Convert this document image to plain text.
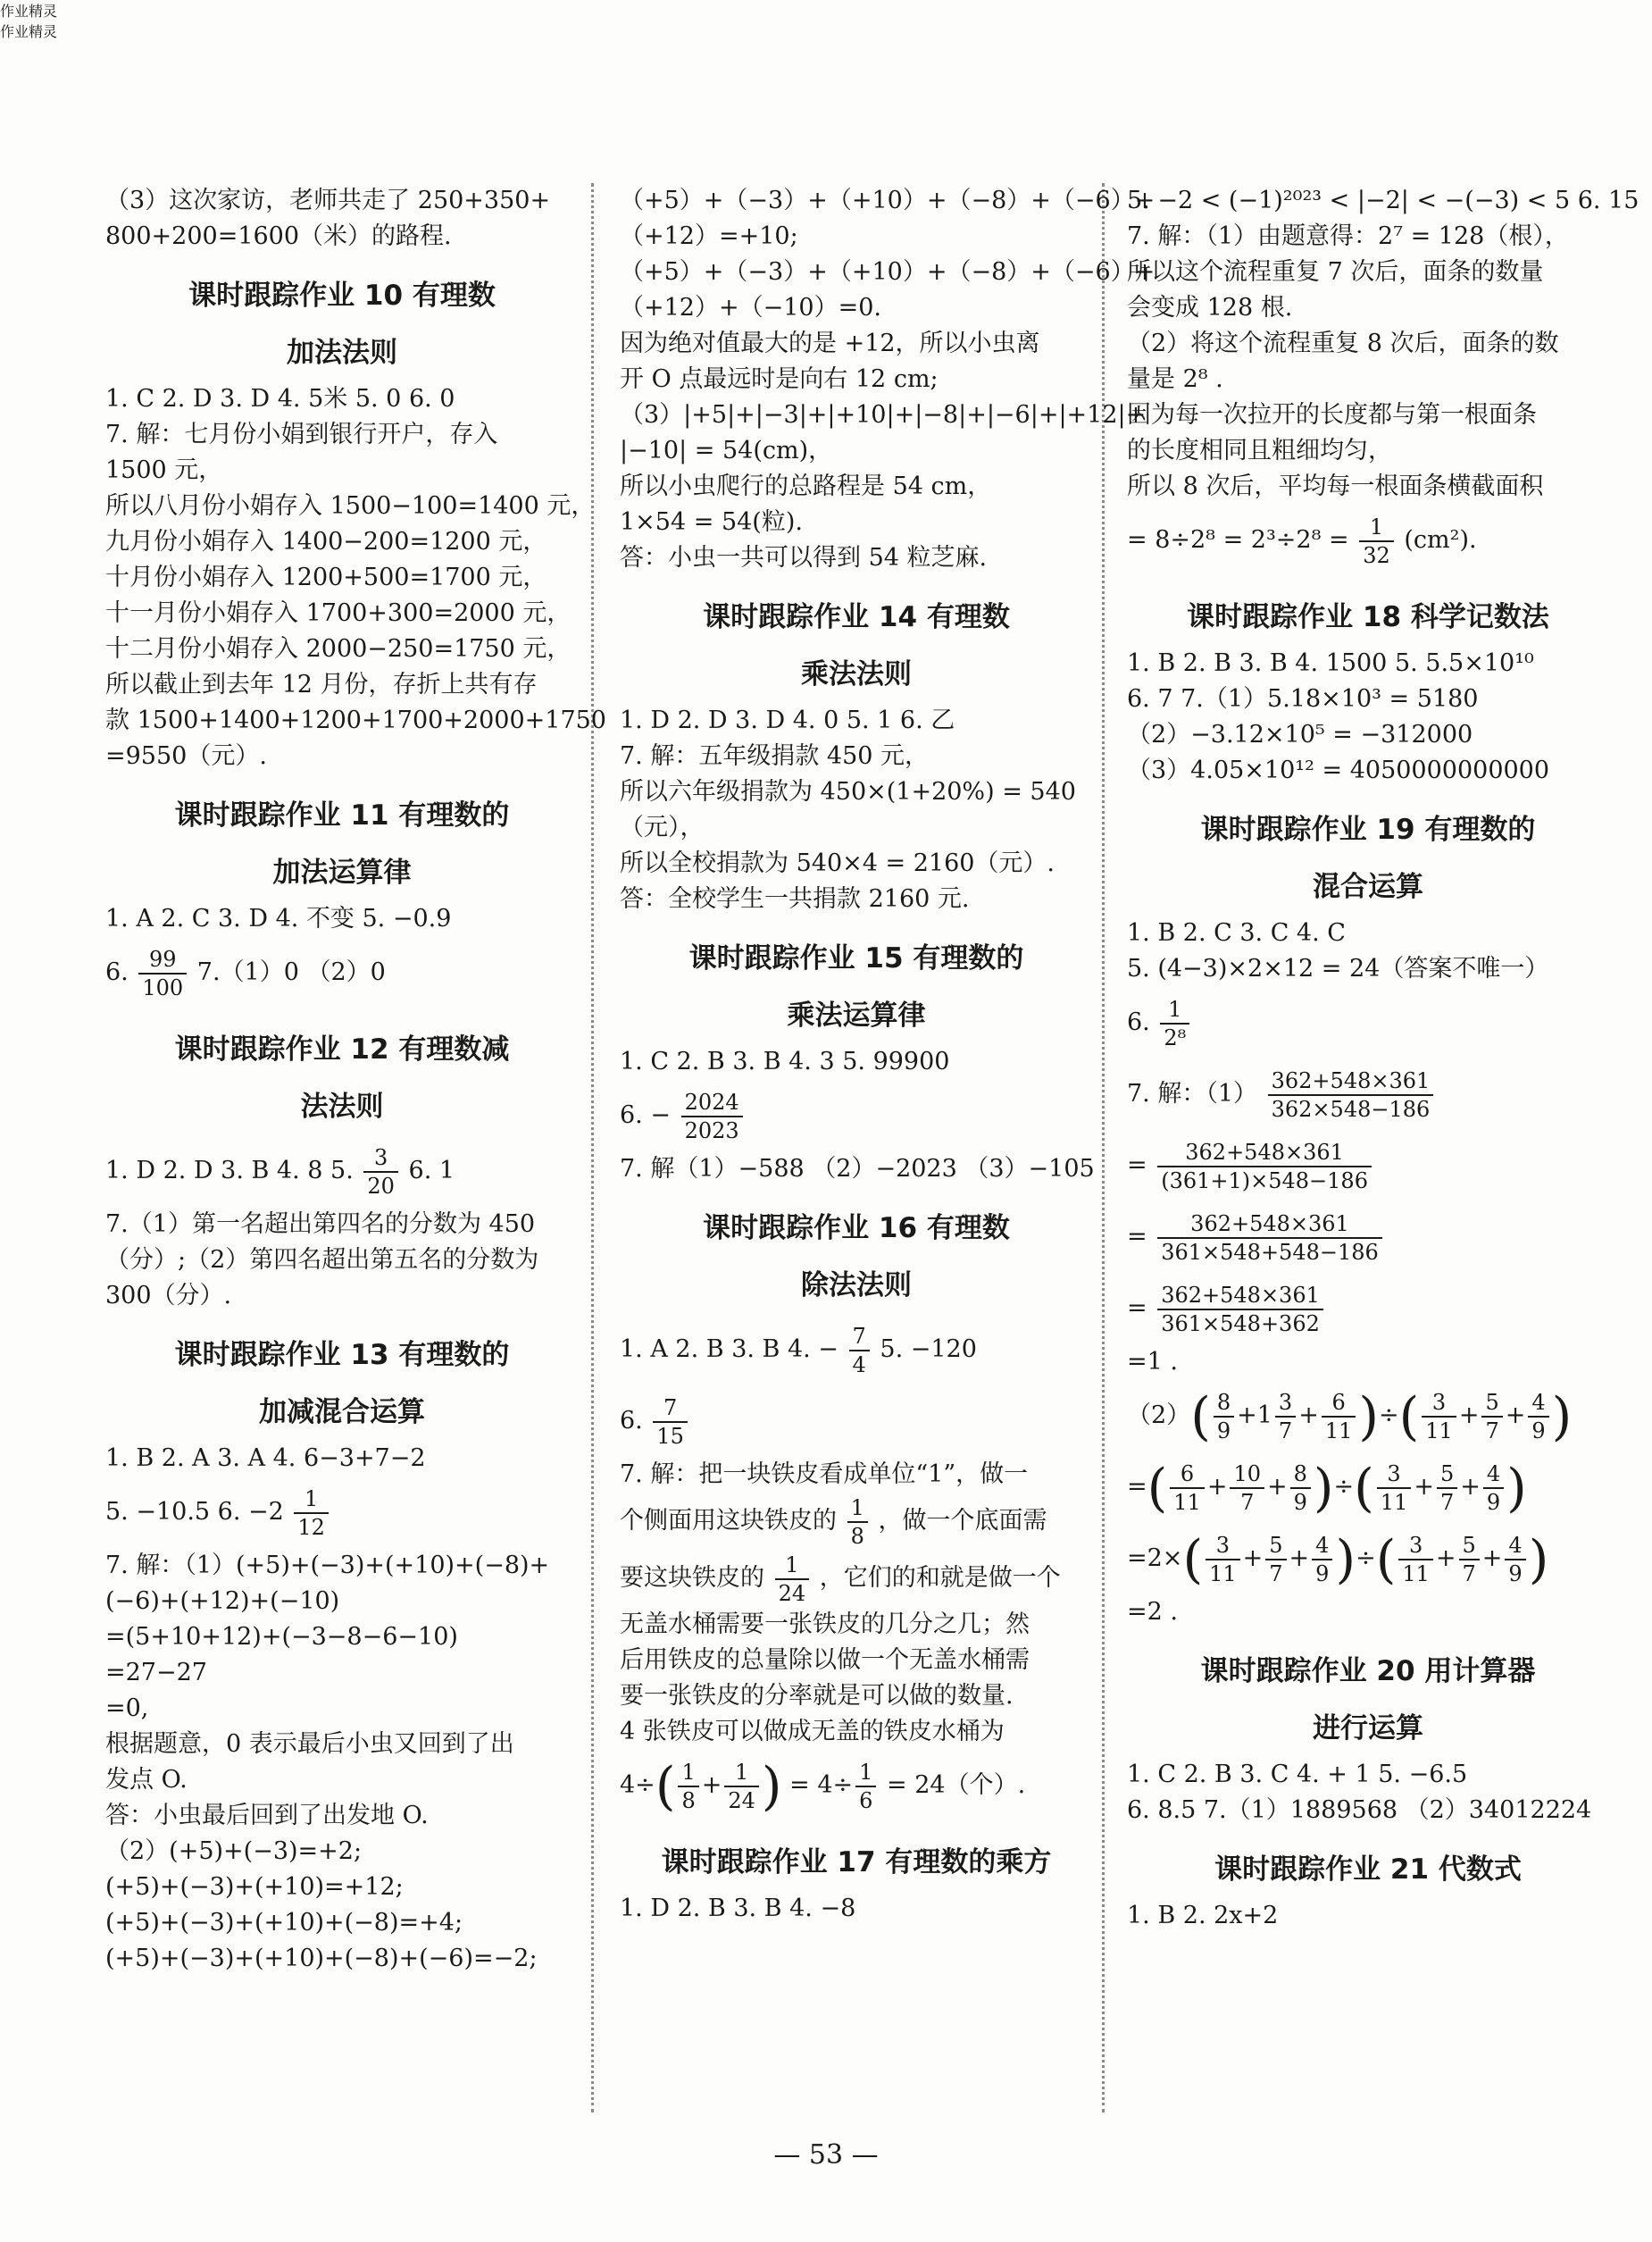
作业精灵
作业精灵
（3）这次家访，老师共走了 250+350+
800+200=1600（米）的路程.
课时跟踪作业 10 有理数
加法法则
1. C 2. D 3. D 4. 5米 5. 0 6. 0
7. 解：七月份小娟到银行开户，存入
1500 元，
所以八月份小娟存入 1500−100=1400 元，
九月份小娟存入 1400−200=1200 元，
十月份小娟存入 1200+500=1700 元，
十一月份小娟存入 1700+300=2000 元，
十二月份小娟存入 2000−250=1750 元，
所以截止到去年 12 月份，存折上共有存
款 1500+1400+1200+1700+2000+1750
=9550（元）.
课时跟踪作业 11 有理数的
加法运算律
1. A 2. C 3. D 4. 不变 5. −0.9
6. $\frac{99}{100} 7.(1)0$ （2）0
课时跟踪作业 12 有理数减
法法则
1. D 2. D 3. B 4. 8 5. $\frac{3}{20} 6$. 1
7.（1）第一名超出第四名的分数为 450
（分）;（2）第四名超出第五名的分数为
300（分）.
课时跟踪作业 13 有理数的
加减混合运算
1. B 2. A 3. A 4. 6−3+7−2
5. −10.5 6. $-2 \frac{1}{12}$
7. 解：（1）(+5)+(−3)+(+10)+(−8)+
(−6)+(+12)+(−10)
=(5+10+12)+(−3−8−6−10)
=27−27
=0,
根据题意，0 表示最后小虫又回到了出
发点 O.
答：小虫最后回到了出发地 O.
（2）(+5)+(−3)=+2;
(+5)+(−3)+(+10)=+12;
(+5)+(−3)+(+10)+(−8)=+4;
(+5)+(−3)+(+10)+(−8)+(−6)=−2;
（+5）+（−3）+（+10）+（−8）+（−6）+
（+12）=+10;
（+5）+（−3）+（+10）+（−8）+（−6）+
（+12）+（−10）=0.
因为绝对值最大的是 +12，所以小虫离
开 O 点最远时是向右 12 cm;
（3）|+5|+|−3|+|+10|+|−8|+|−6|+|+12|+
|−10| = 54(cm)，
所以小虫爬行的总路程是 54 cm，
1×54 = 54(粒).
答：小虫一共可以得到 54 粒芝麻.
课时跟踪作业 14 有理数
乘法法则
1. D 2. D 3. D 4. 0 5. 1 6. 乙
7. 解：五年级捐款 450 元，
所以六年级捐款为 450×(1+20%) = 540
（元），
所以全校捐款为 540×4 = 2160（元）.
答：全校学生一共捐款 2160 元.
课时跟踪作业 15 有理数的
乘法运算律
1. C 2. B 3. B 4. 3 5. 99900
6. − $\frac{2024}{2023}$
7. 解（1）−588 （2）−2023 （3）−105
课时跟踪作业 16 有理数
除法法则
1. A 2. B 3. B 4. − $\frac{7}{4} 5$. −120
6. $\frac{7}{15}$
7. 解：把一块铁皮看成单位“1”，做一
个侧面用这块铁皮的 $\frac{1}{8}$ ，做一个底面需
要这块铁皮的 $\frac{1}{24}$ ，它们的和就是做一个
无盖水桶需要一张铁皮的几分之几；然
后用铁皮的总量除以做一个无盖水桶需
要一张铁皮的分率就是可以做的数量.
4 张铁皮可以做成无盖的铁皮水桶为
$4\div( \frac{1}{8} + \frac{1}{24}$ ) = $4\div \frac{1}{6} = 24$（个）.
课时跟踪作业 17 有理数的乘方
1. D 2. B 3. B 4. −8
5. −2 < (−1)²⁰²³ < |−2| < −(−3) < 5 6. 15
7. 解：（1）由题意得：2⁷ = 128（根），
所以这个流程重复 7 次后，面条的数量
会变成 128 根.
（2）将这个流程重复 8 次后，面条的数
量是 2⁸ .
因为每一次拉开的长度都与第一根面条
的长度相同且粗细均匀，
所以 8 次后，平均每一根面条横截面积
= $8\div 2^8 = 2^3\div 2^8 = \frac{1}{32} (cm^2)$.
课时跟踪作业 18 科学记数法
1. B 2. B 3. B 4. 1500 5. 5.5×10¹⁰
6. 7 7.（1）5.18×10³ = 5180
（2）−3.12×10⁵ = −312000
（3）4.05×10¹² = 4050000000000
课时跟踪作业 19 有理数的
混合运算
1. B 2. C 3. C 4. C
5. (4−3)×2×12 = 24（答案不唯一）
6. $\frac{1}{\text{2⁸}}$
7. 解：$(1) \frac{362+548\times 361}{362\times 548-186}$
= $\frac{362+548\times 361}{(361+1)\times 548-186}$
= $\frac{362+548\times 361}{361\times 548+548-186}$
= $\frac{362+548\times 361}{361\times 548+362}$
=1 .
$(2)( \frac{8}{9} +1 \frac{3}{7} + \frac{6}{11}$ )÷( $\frac{3}{11} + \frac{5}{7} + \frac{4}{9}$ )
=( $\frac{6}{11} + \frac{10}{7} + \frac{8}{9}$ )÷( $\frac{3}{11} + \frac{5}{7} + \frac{4}{9}$ )
$=2\times( \frac{3}{11} + \frac{5}{7} + \frac{4}{9}$ )÷( $\frac{3}{11} + \frac{5}{7} + \frac{4}{9}$ )
=2 .
课时跟踪作业 20 用计算器
进行运算
1. C 2. B 3. C 4. + 1 5. −6.5
6. 8.5 7.（1）1889568 （2）34012224
课时跟踪作业 21 代数式
1. B 2. 2x+2
— 53 —
